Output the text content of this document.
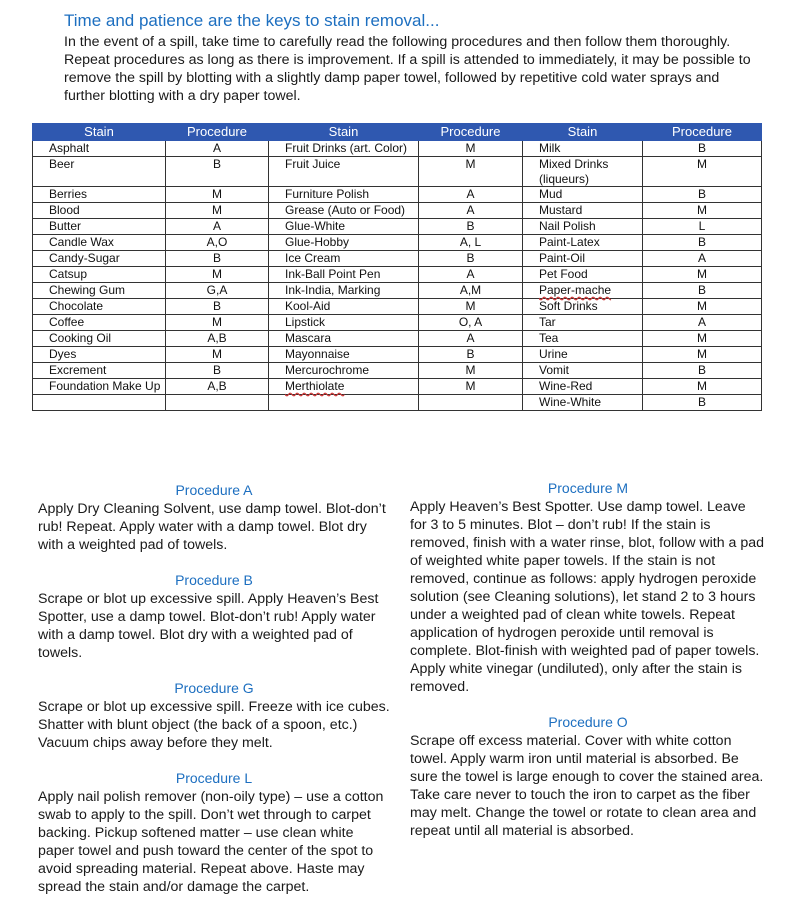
Time and patience are the keys to stain removal...
In the event of a spill, take time to carefully read the following procedures and then follow them thoroughly. Repeat procedures as long as there is improvement. If a spill is attended to immediately, it may be possible to remove the spill by blotting with a slightly damp paper towel, followed by repetitive cold water sprays and further blotting with a dry paper towel.
Stain	Procedure	Stain	Procedure	Stain	Procedure
Asphalt	A	Fruit Drinks (art. Color)	M	Milk	B
Beer	B	Fruit Juice	M	Mixed Drinks (liqueurs)	M
Berries	M	Furniture Polish	A	Mud	B
Blood	M	Grease (Auto or Food)	A	Mustard	M
Butter	A	Glue-White	B	Nail Polish	L
Candle Wax	A,O	Glue-Hobby	A, L	Paint-Latex	B
Candy-Sugar	B	Ice Cream	B	Paint-Oil	A
Catsup	M	Ink-Ball Point Pen	A	Pet Food	M
Chewing Gum	G,A	Ink-India, Marking	A,M	Paper-mache	B
Chocolate	B	Kool-Aid	M	Soft Drinks	M
Coffee	M	Lipstick	O, A	Tar	A
Cooking Oil	A,B	Mascara	A	Tea	M
Dyes	M	Mayonnaise	B	Urine	M
Excrement	B	Mercurochrome	M	Vomit	B
Foundation Make Up	A,B	Merthiolate	M	Wine-Red	M
				Wine-White	B
Procedure A

Apply Dry Cleaning Solvent, use damp towel. Blot-don’t rub! Repeat. Apply water with a damp towel. Blot dry with a weighted pad of towels.

Procedure B

Scrape or blot up excessive spill. Apply Heaven’s Best Spotter, use a damp towel. Blot-don’t rub! Apply water with a damp towel. Blot dry with a weighted pad of towels.

Procedure G

Scrape or blot up excessive spill. Freeze with ice cubes. Shatter with blunt object (the back of a spoon, etc.) Vacuum chips away before they melt.

Procedure L

Apply nail polish remover (non-oily type) – use a cotton swab to apply to the spill. Don’t wet through to carpet backing. Pickup softened matter – use clean white paper towel and push toward the center of the spot to avoid spreading material. Repeat above. Haste may spread the stain and/or damage the carpet.

Procedure M

Apply Heaven’s Best Spotter. Use damp towel. Leave for 3 to 5 minutes. Blot – don’t rub! If the stain is removed, finish with a water rinse, blot, follow with a pad of weighted white paper towels. If the stain is not removed, continue as follows: apply hydrogen peroxide solution (see Cleaning solutions), let stand 2 to 3 hours under a weighted pad of clean white towels. Repeat application of hydrogen peroxide until removal is complete. Blot-finish with weighted pad of paper towels. Apply white vinegar (undiluted), only after the stain is removed.

Procedure O

Scrape off excess material. Cover with white cotton towel. Apply warm iron until material is absorbed. Be sure the towel is large enough to cover the stained area. Take care never to touch the iron to carpet as the fiber may melt. Change the towel or rotate to clean area and repeat until all material is absorbed.
